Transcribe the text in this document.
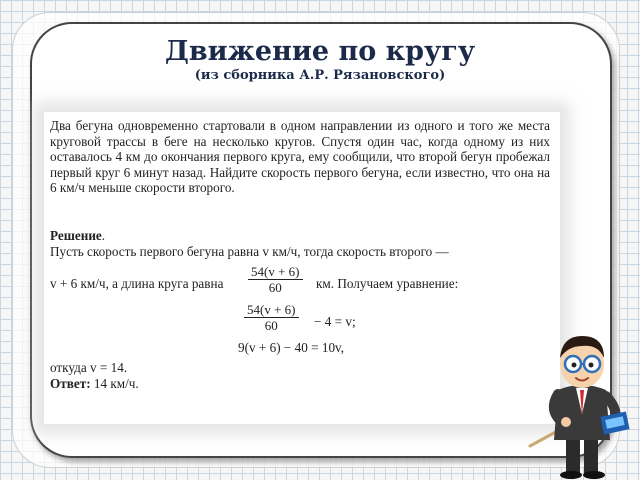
Движение по кругу
(из сборника А.Р. Рязановского)

Два бегуна одновременно стартовали в одном направлении из одного и того же места круговой трассы в беге на несколько кругов. Спустя один час, когда одному из них оставалось 4 км до окончания первого круга, ему сообщили, что второй бегун пробежал первый круг 6 минут назад. Найдите скорость первого бегуна, если известно, что она на 6 км/ч меньше скорости второго.

Решение.
Пусть скорость первого бегуна равна v км/ч, тогда скорость второго —
v + 6 км/ч, а длина круга равна $\frac{54(v + 6)}{60}$ км. Получаем уравнение:
$\frac{54(v + 6)}{60} - 4 = v$;
9(v + 6) − 40 = 10v,
откуда v = 14.
Ответ: 14 км/ч.
